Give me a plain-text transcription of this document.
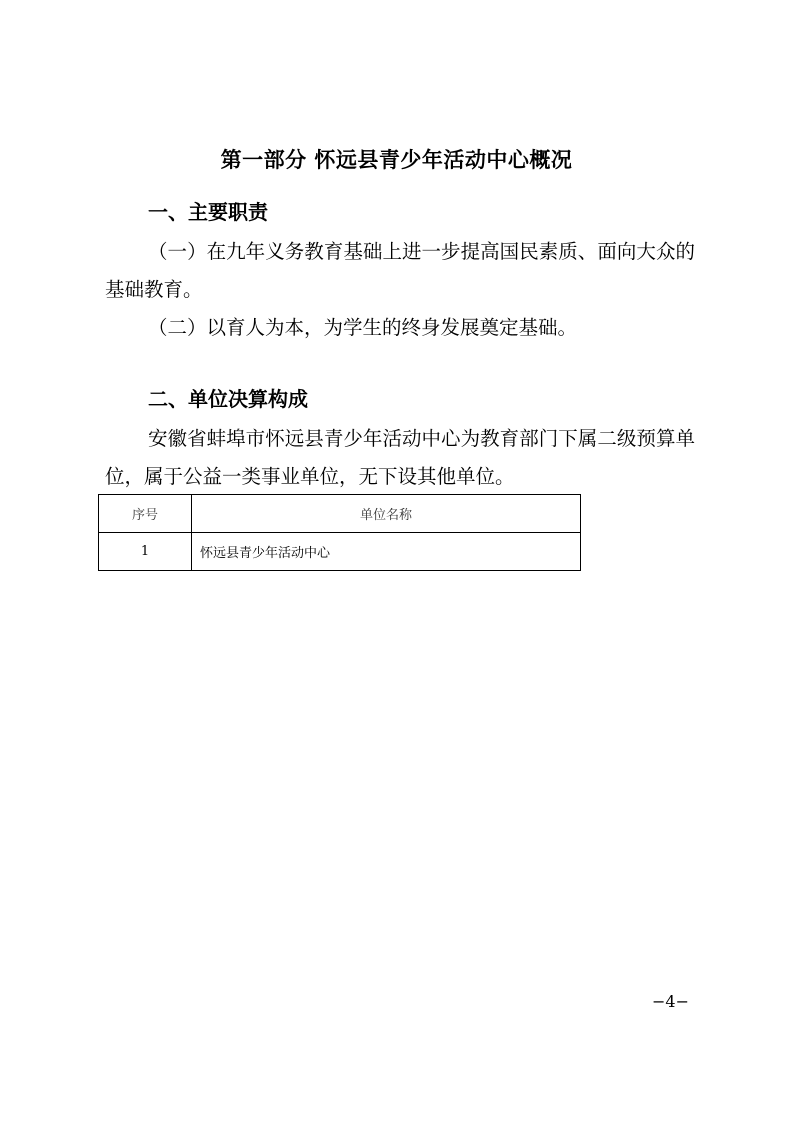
第一部分 怀远县青少年活动中心概况
一、主要职责
（一）在九年义务教育基础上进一步提高国民素质、面向大众的基础教育。
（二）以育人为本，为学生的终身发展奠定基础。
二、单位决算构成
安徽省蚌埠市怀远县青少年活动中心为教育部门下属二级预算单位，属于公益一类事业单位，无下设其他单位。
序号	单位名称
1	怀远县青少年活动中心
−4−
